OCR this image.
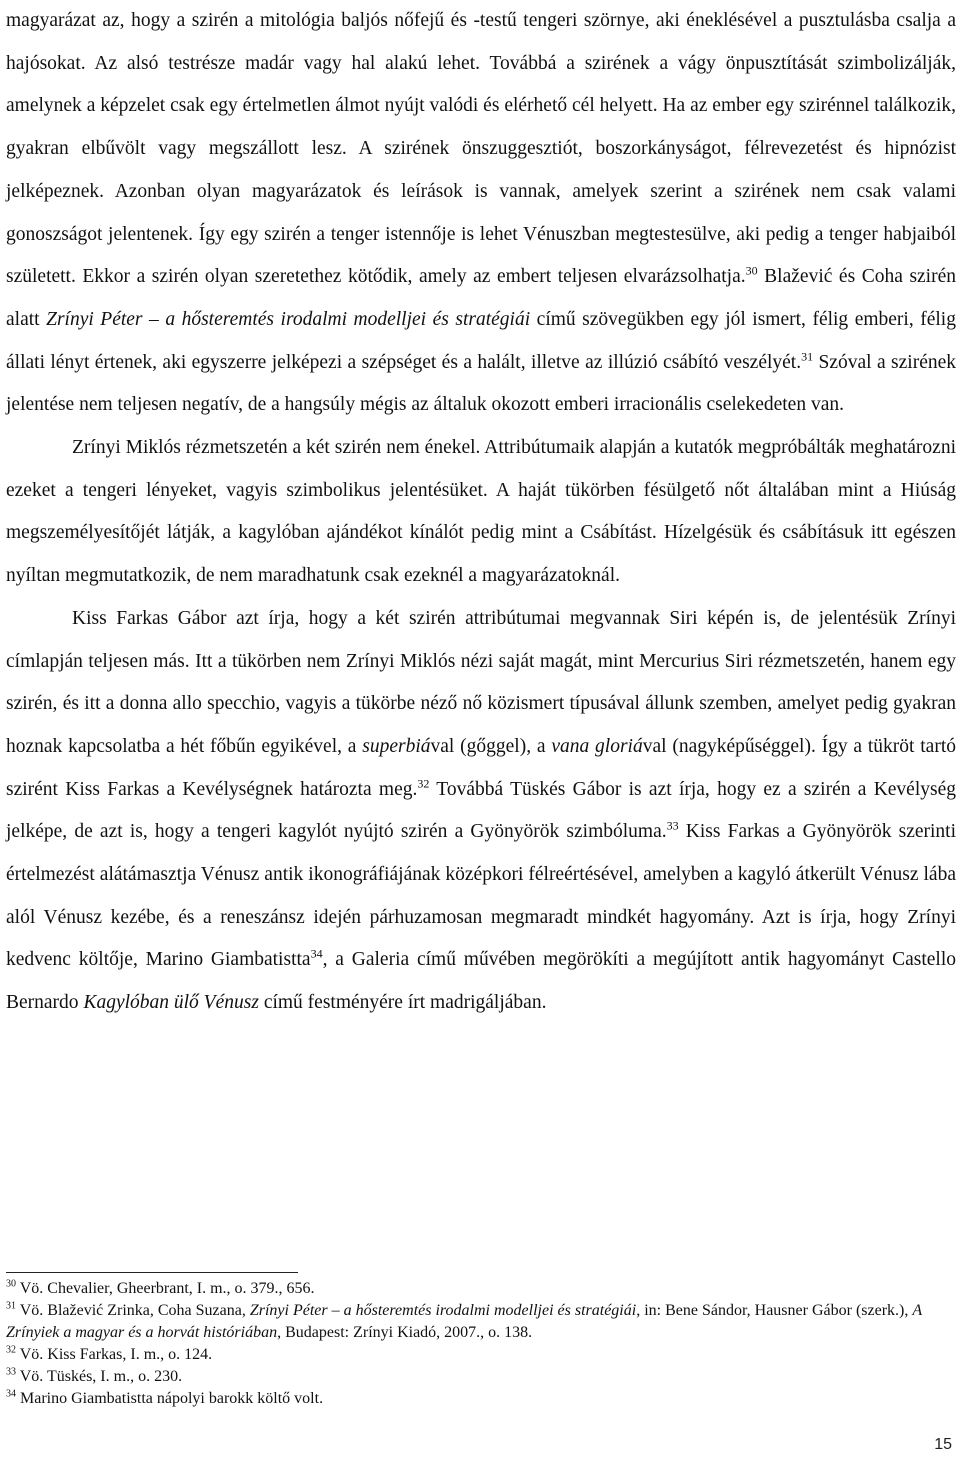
magyarázat az, hogy a szirén a mitológia baljós nőfejű és -testű tengeri szörnye, aki éneklésével a pusztulásba csalja a hajósokat. Az alsó testrésze madár vagy hal alakú lehet. Továbbá a szirének a vágy önpusztítását szimbolizálják, amelynek a képzelet csak egy értelmetlen álmot nyújt valódi és elérhető cél helyett. Ha az ember egy szirénnel találkozik, gyakran elbűvölt vagy megszállott lesz. A szirének önszuggesztiót, boszorkányságot, félrevezetést és hipnózist jelképeznek. Azonban olyan magyarázatok és leírások is vannak, amelyek szerint a szirének nem csak valami gonoszságot jelentenek. Így egy szirén a tenger istennője is lehet Vénuszban megtestesülve, aki pedig a tenger habjaiból született. Ekkor a szirén olyan szeretethez kötődik, amely az embert teljesen elvarázsolhatja.$^{30}$ Blažević és Coha szirén alatt Zrínyi Péter – a hősteremtés irodalmi modelljei és stratégiái című szövegükben egy jól ismert, félig emberi, félig állati lényt értenek, aki egyszerre jelképezi a szépséget és a halált, illetve az illúzió csábító veszélyét.$^{31}$ Szóval a szirének jelentése nem teljesen negatív, de a hangsúly mégis az általuk okozott emberi irracionális cselekedeten van.

Zrínyi Miklós rézmetszetén a két szirén nem énekel. Attribútumaik alapján a kutatók megpróbálták meghatározni ezeket a tengeri lényeket, vagyis szimbolikus jelentésüket. A haját tükörben fésülgető nőt általában mint a Hiúság megszemélyesítőjét látják, a kagylóban ajándékot kínálót pedig mint a Csábítást. Hízelgésük és csábításuk itt egészen nyíltan megmutatkozik, de nem maradhatunk csak ezeknél a magyarázatoknál.

Kiss Farkas Gábor azt írja, hogy a két szirén attribútumai megvannak Siri képén is, de jelentésük Zrínyi címlapján teljesen más. Itt a tükörben nem Zrínyi Miklós nézi saját magát, mint Mercurius Siri rézmetszetén, hanem egy szirén, és itt a donna allo specchio, vagyis a tükörbe néző nő közismert típusával állunk szemben, amelyet pedig gyakran hoznak kapcsolatba a hét főbűn egyikével, a superbiával (gőggel), a vana gloriával (nagyképűséggel). Így a tükröt tartó szirént Kiss Farkas a Kevélységnek határozta meg.$^{32}$ Továbbá Tüskés Gábor is azt írja, hogy ez a szirén a Kevélység jelképe, de azt is, hogy a tengeri kagylót nyújtó szirén a Gyönyörök szimbóluma.$^{33}$ Kiss Farkas a Gyönyörök szerinti értelmezést alátámasztja Vénusz antik ikonográfiájának középkori félreértésével, amelyben a kagyló átkerült Vénusz lába alól Vénusz kezébe, és a reneszánsz idején párhuzamosan megmaradt mindkét hagyomány. Azt is írja, hogy Zrínyi kedvenc költője, Marino Giambatistta$^{34}$, a Galeria című művében megörökíti a megújított antik hagyományt Castello Bernardo Kagylóban ülő Vénusz című festményére írt madrigáljában.

$^{30}$ Vö. Chevalier, Gheerbrant, I. m., o. 379., 656.

$^{31}$ Vö. Blažević Zrinka, Coha Suzana, Zrínyi Péter – a hősteremtés irodalmi modelljei és stratégiái, in: Bene Sándor, Hausner Gábor (szerk.), A Zrínyiek a magyar és a horvát históriában, Budapest: Zrínyi Kiadó, 2007., o. 138.

$^{32}$ Vö. Kiss Farkas, I. m., o. 124.

$^{33}$ Vö. Tüskés, I. m., o. 230.

$^{34}$ Marino Giambatistta nápolyi barokk költő volt.

15
